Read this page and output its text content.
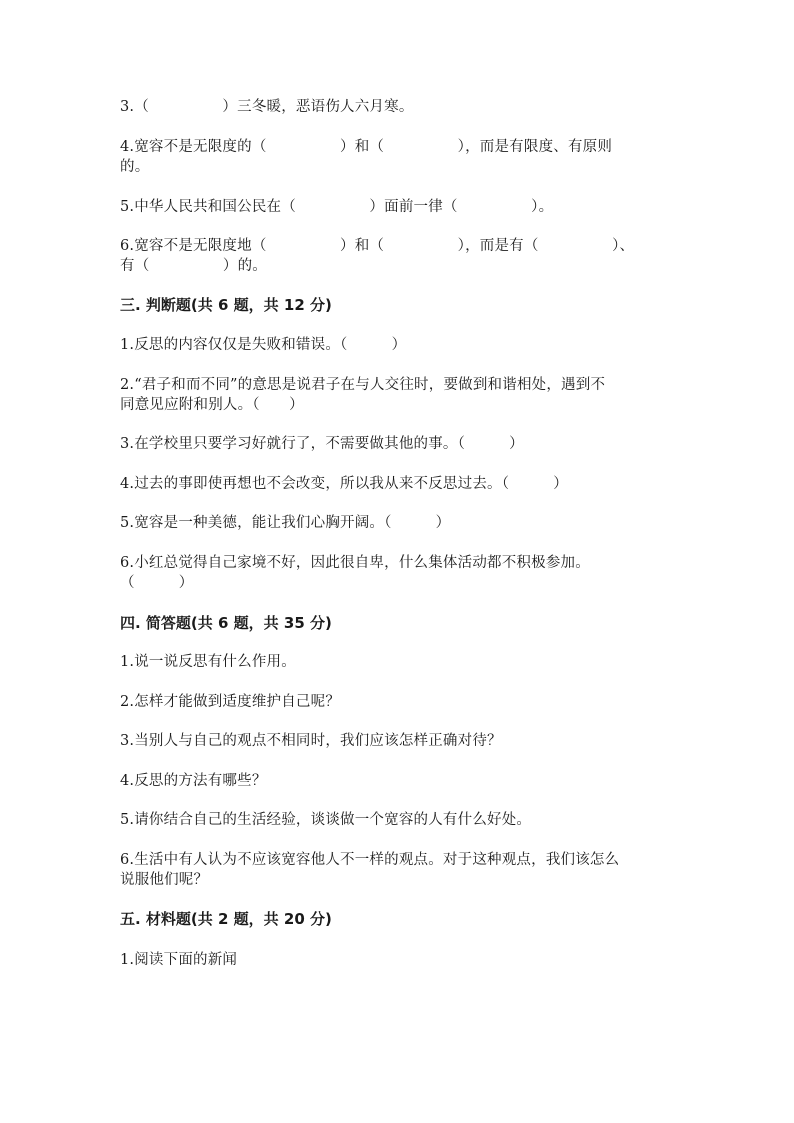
3.（　　　　　）三冬暖，恶语伤人六月寒。
4.宽容不是无限度的（　　　　　）和（　　　　　），而是有限度、有原则
的。
5.中华人民共和国公民在（　　　　　）面前一律（　　　　　）。
6.宽容不是无限度地（　　　　　）和（　　　　　），而是有（　　　　　）、
有（　　　　　）的。
三. 判断题(共 6 题，共 12 分)
1.反思的内容仅仅是失败和错误。（　　　）
2.“君子和而不同”的意思是说君子在与人交往时，要做到和谐相处，遇到不
同意见应附和别人。（　　）
3.在学校里只要学习好就行了，不需要做其他的事。（　　　）
4.过去的事即使再想也不会改变，所以我从来不反思过去。（　　　）
5.宽容是一种美德，能让我们心胸开阔。（　　　）
6.小红总觉得自己家境不好，因此很自卑，什么集体活动都不积极参加。
（　　　）
四. 简答题(共 6 题，共 35 分)
1.说一说反思有什么作用。
2.怎样才能做到适度维护自己呢？
3.当别人与自己的观点不相同时，我们应该怎样正确对待？
4.反思的方法有哪些？
5.请你结合自己的生活经验，谈谈做一个宽容的人有什么好处。
6.生活中有人认为不应该宽容他人不一样的观点。对于这种观点，我们该怎么
说服他们呢？
五. 材料题(共 2 题，共 20 分)
1.阅读下面的新闻
